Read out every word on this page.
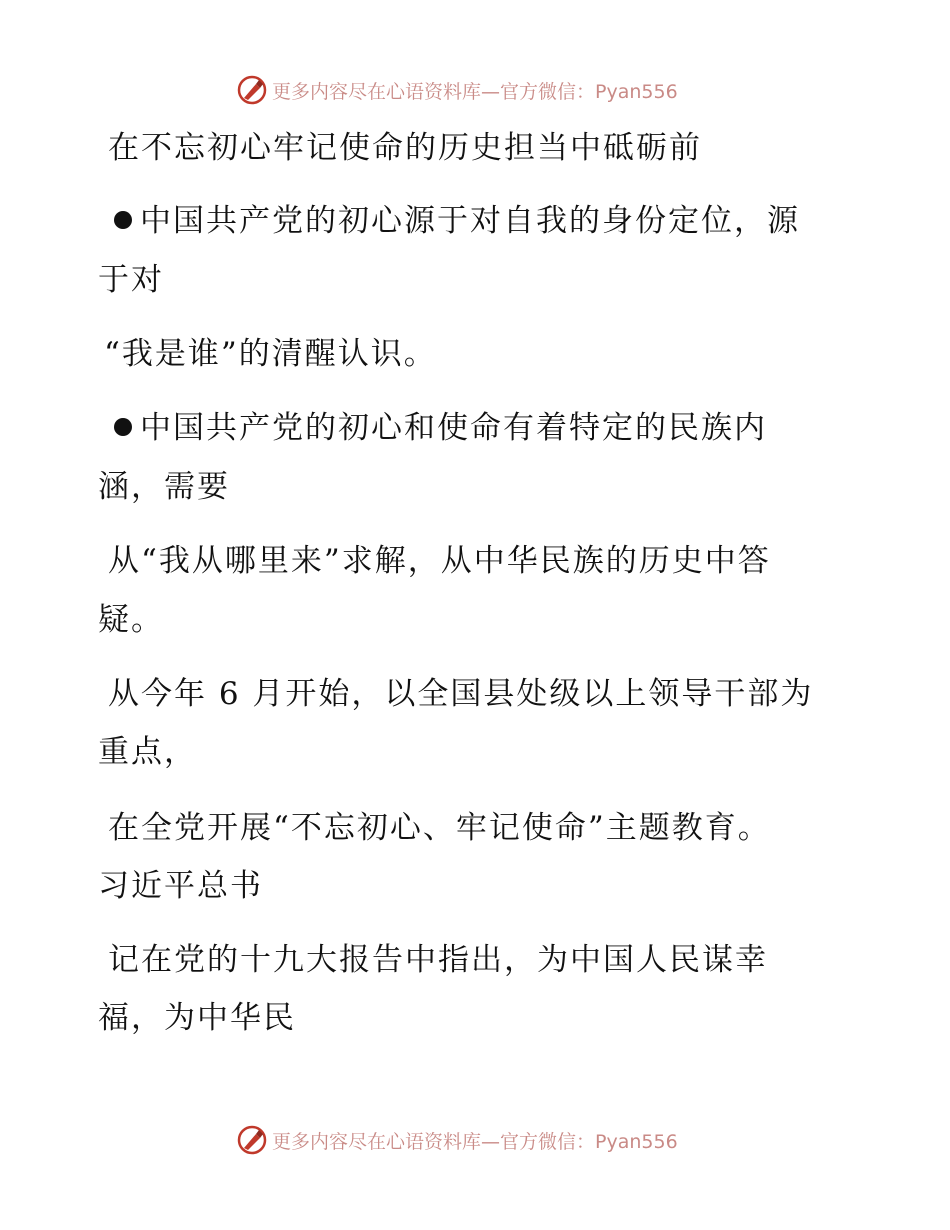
更多内容尽在心语资料库—官方微信：Pyan556
在不忘初心牢记使命的历史担当中砥砺前
中国共产党的初心源于对自我的身份定位，源
于对
“我是谁”的清醒认识。
中国共产党的初心和使命有着特定的民族内
涵，需要
从“我从哪里来”求解，从中华民族的历史中答
疑。
从今年 6 月开始，以全国县处级以上领导干部为
重点，
在全党开展“不忘初心、牢记使命”主题教育。
习近平总书
记在党的十九大报告中指出，为中国人民谋幸
福，为中华民
更多内容尽在心语资料库—官方微信：Pyan556
